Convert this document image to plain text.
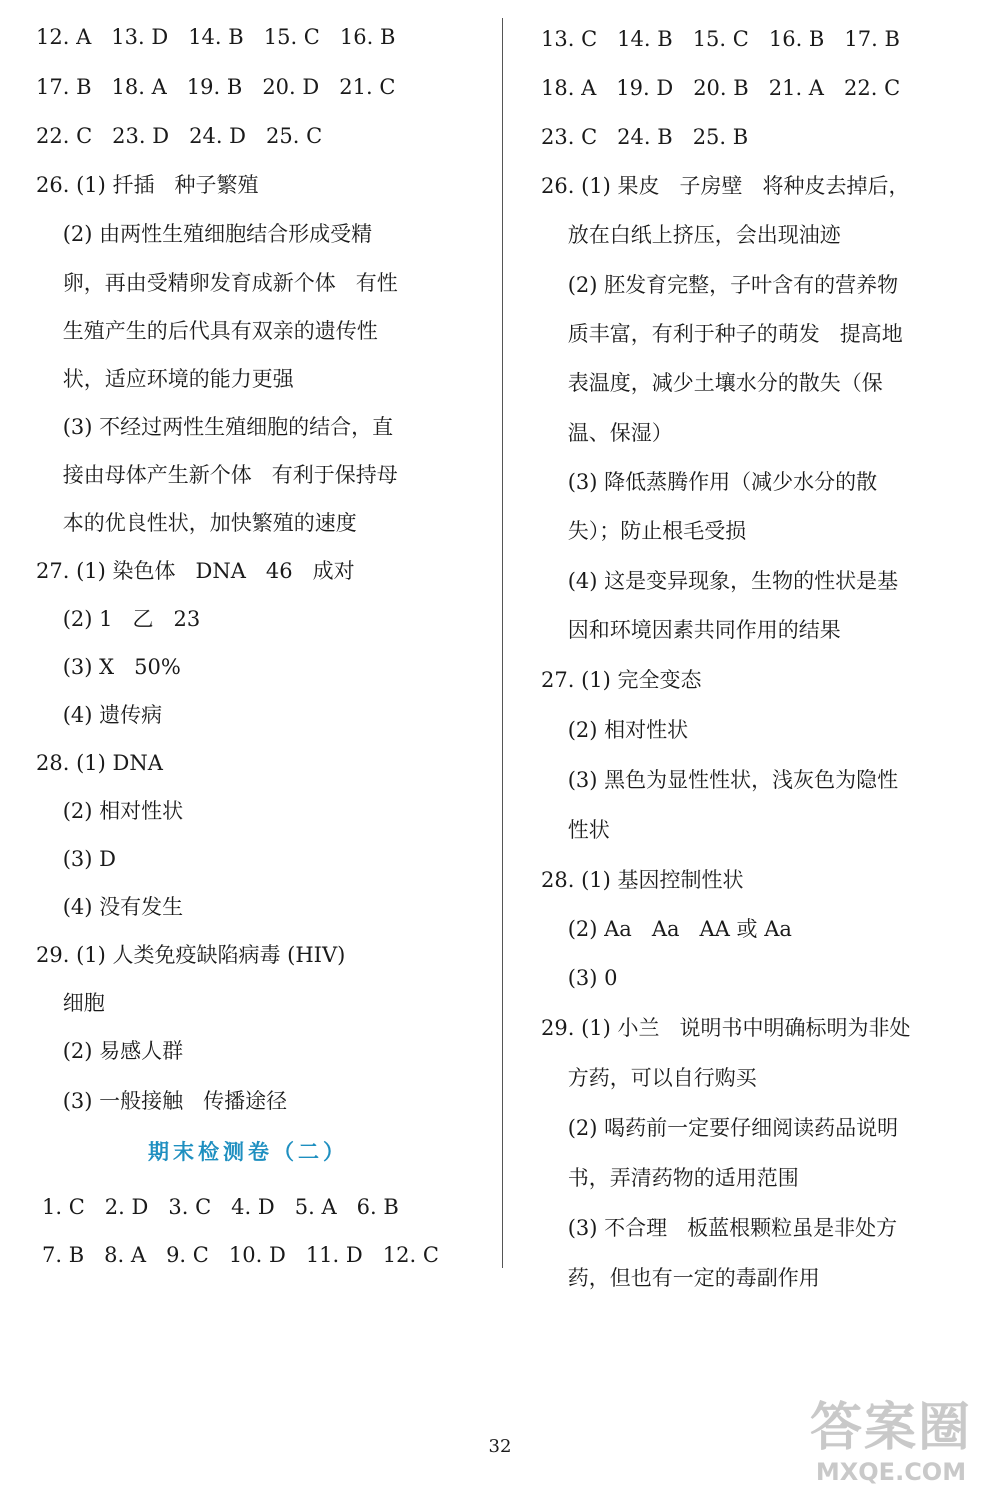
12. A   13. D   14. B   15. C   16. B
17. B   18. A   19. B   20. D   21. C
22. C   23. D   24. D   25. C
26. (1) 扦插   种子繁殖
(2) 由两性生殖细胞结合形成受精
卵，再由受精卵发育成新个体   有性
生殖产生的后代具有双亲的遗传性
状，适应环境的能力更强
(3) 不经过两性生殖细胞的结合，直
接由母体产生新个体   有利于保持母
本的优良性状，加快繁殖的速度
27. (1) 染色体   DNA   46   成对
(2) 1   乙   23
(3) X   50%
(4) 遗传病
28. (1) DNA
(2) 相对性状
(3) D
(4) 没有发生
29. (1) 人类免疫缺陷病毒 (HIV)
细胞
(2) 易感人群
(3) 一般接触   传播途径
1. C   2. D   3. C   4. D   5. A   6. B
7. B   8. A   9. C   10. D   11. D   12. C
13. C   14. B   15. C   16. B   17. B
18. A   19. D   20. B   21. A   22. C
23. C   24. B   25. B
26. (1) 果皮   子房壁   将种皮去掉后，
放在白纸上挤压，会出现油迹
(2) 胚发育完整，子叶含有的营养物
质丰富，有利于种子的萌发   提高地
表温度，减少土壤水分的散失（保
温、保湿）
(3) 降低蒸腾作用（减少水分的散
失）；防止根毛受损
(4) 这是变异现象，生物的性状是基
因和环境因素共同作用的结果
27. (1) 完全变态
(2) 相对性状
(3) 黑色为显性性状，浅灰色为隐性
性状
28. (1) 基因控制性状
(2) Aa   Aa   AA 或 Aa
(3) 0
29. (1) 小兰   说明书中明确标明为非处
方药，可以自行购买
(2) 喝药前一定要仔细阅读药品说明
书，弄清药物的适用范围
(3) 不合理   板蓝根颗粒虽是非处方
药，但也有一定的毒副作用
期末检测卷（二）
32	答案圈
MXQE.COM
